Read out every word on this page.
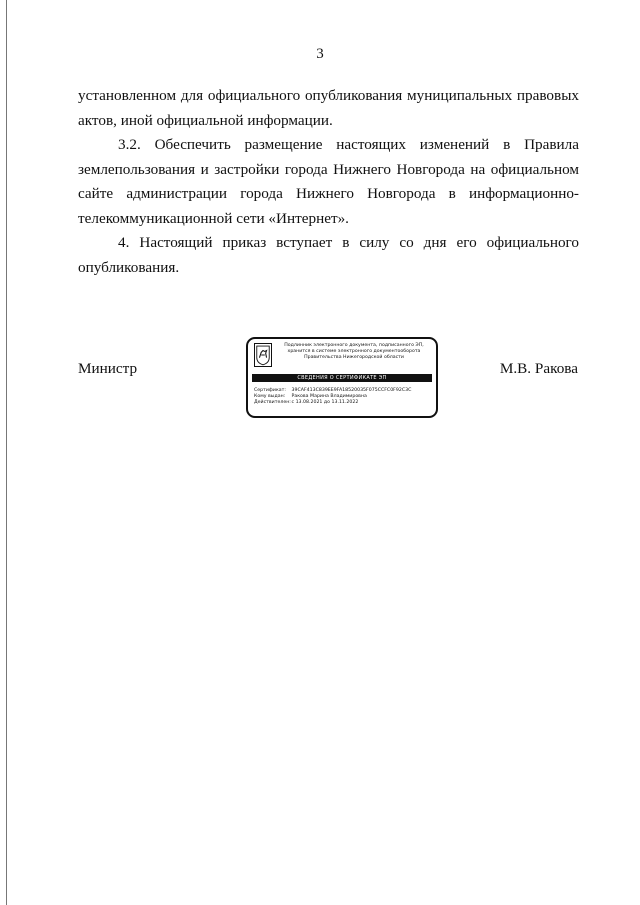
3
установленном для официального опубликования муниципальных правовых актов, иной официальной информации.
3.2. Обеспечить размещение настоящих изменений в Правила землепользования и застройки города Нижнего Новгорода на официальном сайте администрации города Нижнего Новгорода в информационно-телекоммуникационной сети «Интернет».
4. Настоящий приказ вступает в силу со дня его официального опубликования.
Министр	М.В. Ракова
Подлинник электронного документа, подписанного ЭП,
хранится в системе электронного документооборота
Правительства Нижегородской области
СВЕДЕНИЯ О СЕРТИФИКАТЕ ЭП
Сертификат: 39CAF413C839EE9FA18520035F075CCFC0F92C3C
Кому выдан: Ракова Марина Владимировна
Действителен: с 13.08.2021 до 13.11.2022
